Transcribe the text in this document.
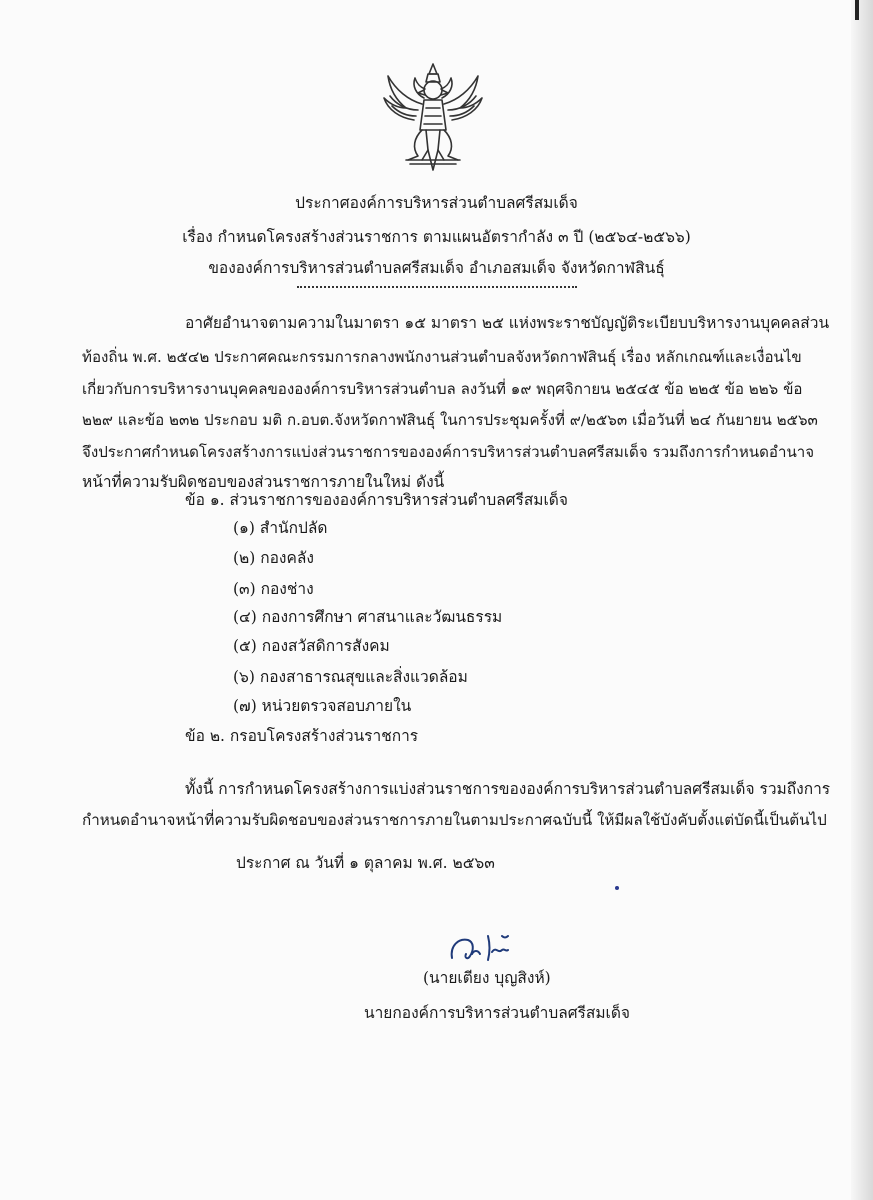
ประกาศองค์การบริหารส่วนตำบลศรีสมเด็จ
เรื่อง กำหนดโครงสร้างส่วนราชการ ตามแผนอัตรากำลัง ๓ ปี (๒๕๖๔-๒๕๖๖)
ขององค์การบริหารส่วนตำบลศรีสมเด็จ อำเภอสมเด็จ จังหวัดกาฬสินธุ์
อาศัยอำนาจตามความในมาตรา ๑๕ มาตรา ๒๕ แห่งพระราชบัญญัติระเบียบบริหารงานบุคคลส่วน
ท้องถิ่น พ.ศ. ๒๕๔๒ ประกาศคณะกรรมการกลางพนักงานส่วนตำบลจังหวัดกาฬสินธุ์ เรื่อง หลักเกณฑ์และเงื่อนไข
เกี่ยวกับการบริหารงานบุคคลขององค์การบริหารส่วนตำบล ลงวันที่ ๑๙ พฤศจิกายน ๒๕๔๕ ข้อ ๒๒๕ ข้อ ๒๒๖ ข้อ
๒๒๙ และข้อ ๒๓๒ ประกอบ มติ ก.อบต.จังหวัดกาฬสินธุ์ ในการประชุมครั้งที่ ๙/๒๕๖๓ เมื่อวันที่ ๒๔ กันยายน ๒๕๖๓
จึงประกาศกำหนดโครงสร้างการแบ่งส่วนราชการขององค์การบริหารส่วนตำบลศรีสมเด็จ รวมถึงการกำหนดอำนาจ
หน้าที่ความรับผิดชอบของส่วนราชการภายในใหม่ ดังนี้
ข้อ ๑. ส่วนราชการขององค์การบริหารส่วนตำบลศรีสมเด็จ
(๑) สำนักปลัด
(๒) กองคลัง
(๓) กองช่าง
(๔) กองการศึกษา ศาสนาและวัฒนธรรม
(๕) กองสวัสดิการสังคม
(๖) กองสาธารณสุขและสิ่งแวดล้อม
(๗) หน่วยตรวจสอบภายใน
ข้อ ๒. กรอบโครงสร้างส่วนราชการ
ทั้งนี้ การกำหนดโครงสร้างการแบ่งส่วนราชการขององค์การบริหารส่วนตำบลศรีสมเด็จ รวมถึงการ
กำหนดอำนาจหน้าที่ความรับผิดชอบของส่วนราชการภายในตามประกาศฉบับนี้ ให้มีผลใช้บังคับตั้งแต่บัดนี้เป็นต้นไป
ประกาศ ณ วันที่ ๑ ตุลาคม พ.ศ. ๒๕๖๓
(นายเตียง บุญสิงห์)
นายกองค์การบริหารส่วนตำบลศรีสมเด็จ
